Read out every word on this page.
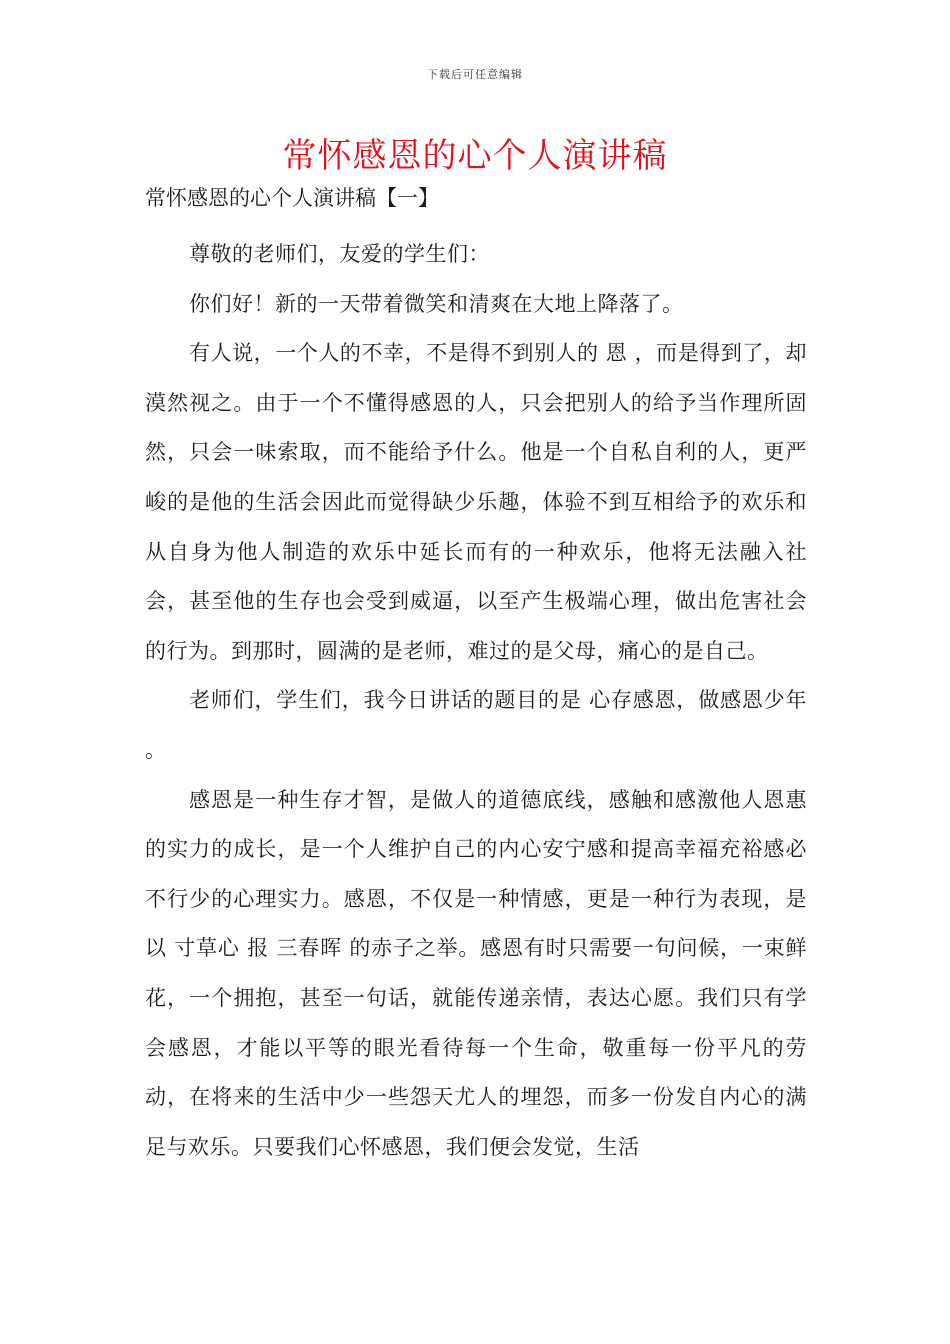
下载后可任意编辑
常怀感恩的心个人演讲稿

常怀感恩的心个人演讲稿【一】

尊敬的老师们，友爱的学生们：

你们好！新的一天带着微笑和清爽在大地上降落了。

有人说，一个人的不幸，不是得不到别人的 恩 ，而是得到了，却漠然视之。由于一个不懂得感恩的人，只会把别人的给予当作理所固然，只会一味索取，而不能给予什么。他是一个自私自利的人，更严峻的是他的生活会因此而觉得缺少乐趣，体验不到互相给予的欢乐和从自身为他人制造的欢乐中延长而有的一种欢乐，他将无法融入社会，甚至他的生存也会受到威逼，以至产生极端心理，做出危害社会的行为。到那时，圆满的是老师，难过的是父母，痛心的是自己。

老师们，学生们，我今日讲话的题目的是 心存感恩，做感恩少年 。

感恩是一种生存才智，是做人的道德底线，感触和感激他人恩惠的实力的成长，是一个人维护自己的内心安宁感和提高幸福充裕感必不行少的心理实力。感恩，不仅是一种情感，更是一种行为表现，是以 寸草心 报 三春晖 的赤子之举。感恩有时只需要一句问候，一束鲜花，一个拥抱，甚至一句话，就能传递亲情，表达心愿。我们只有学会感恩，才能以平等的眼光看待每一个生命，敬重每一份平凡的劳动，在将来的生活中少一些怨天尤人的埋怨，而多一份发自内心的满足与欢乐。只要我们心怀感恩，我们便会发觉，生活
